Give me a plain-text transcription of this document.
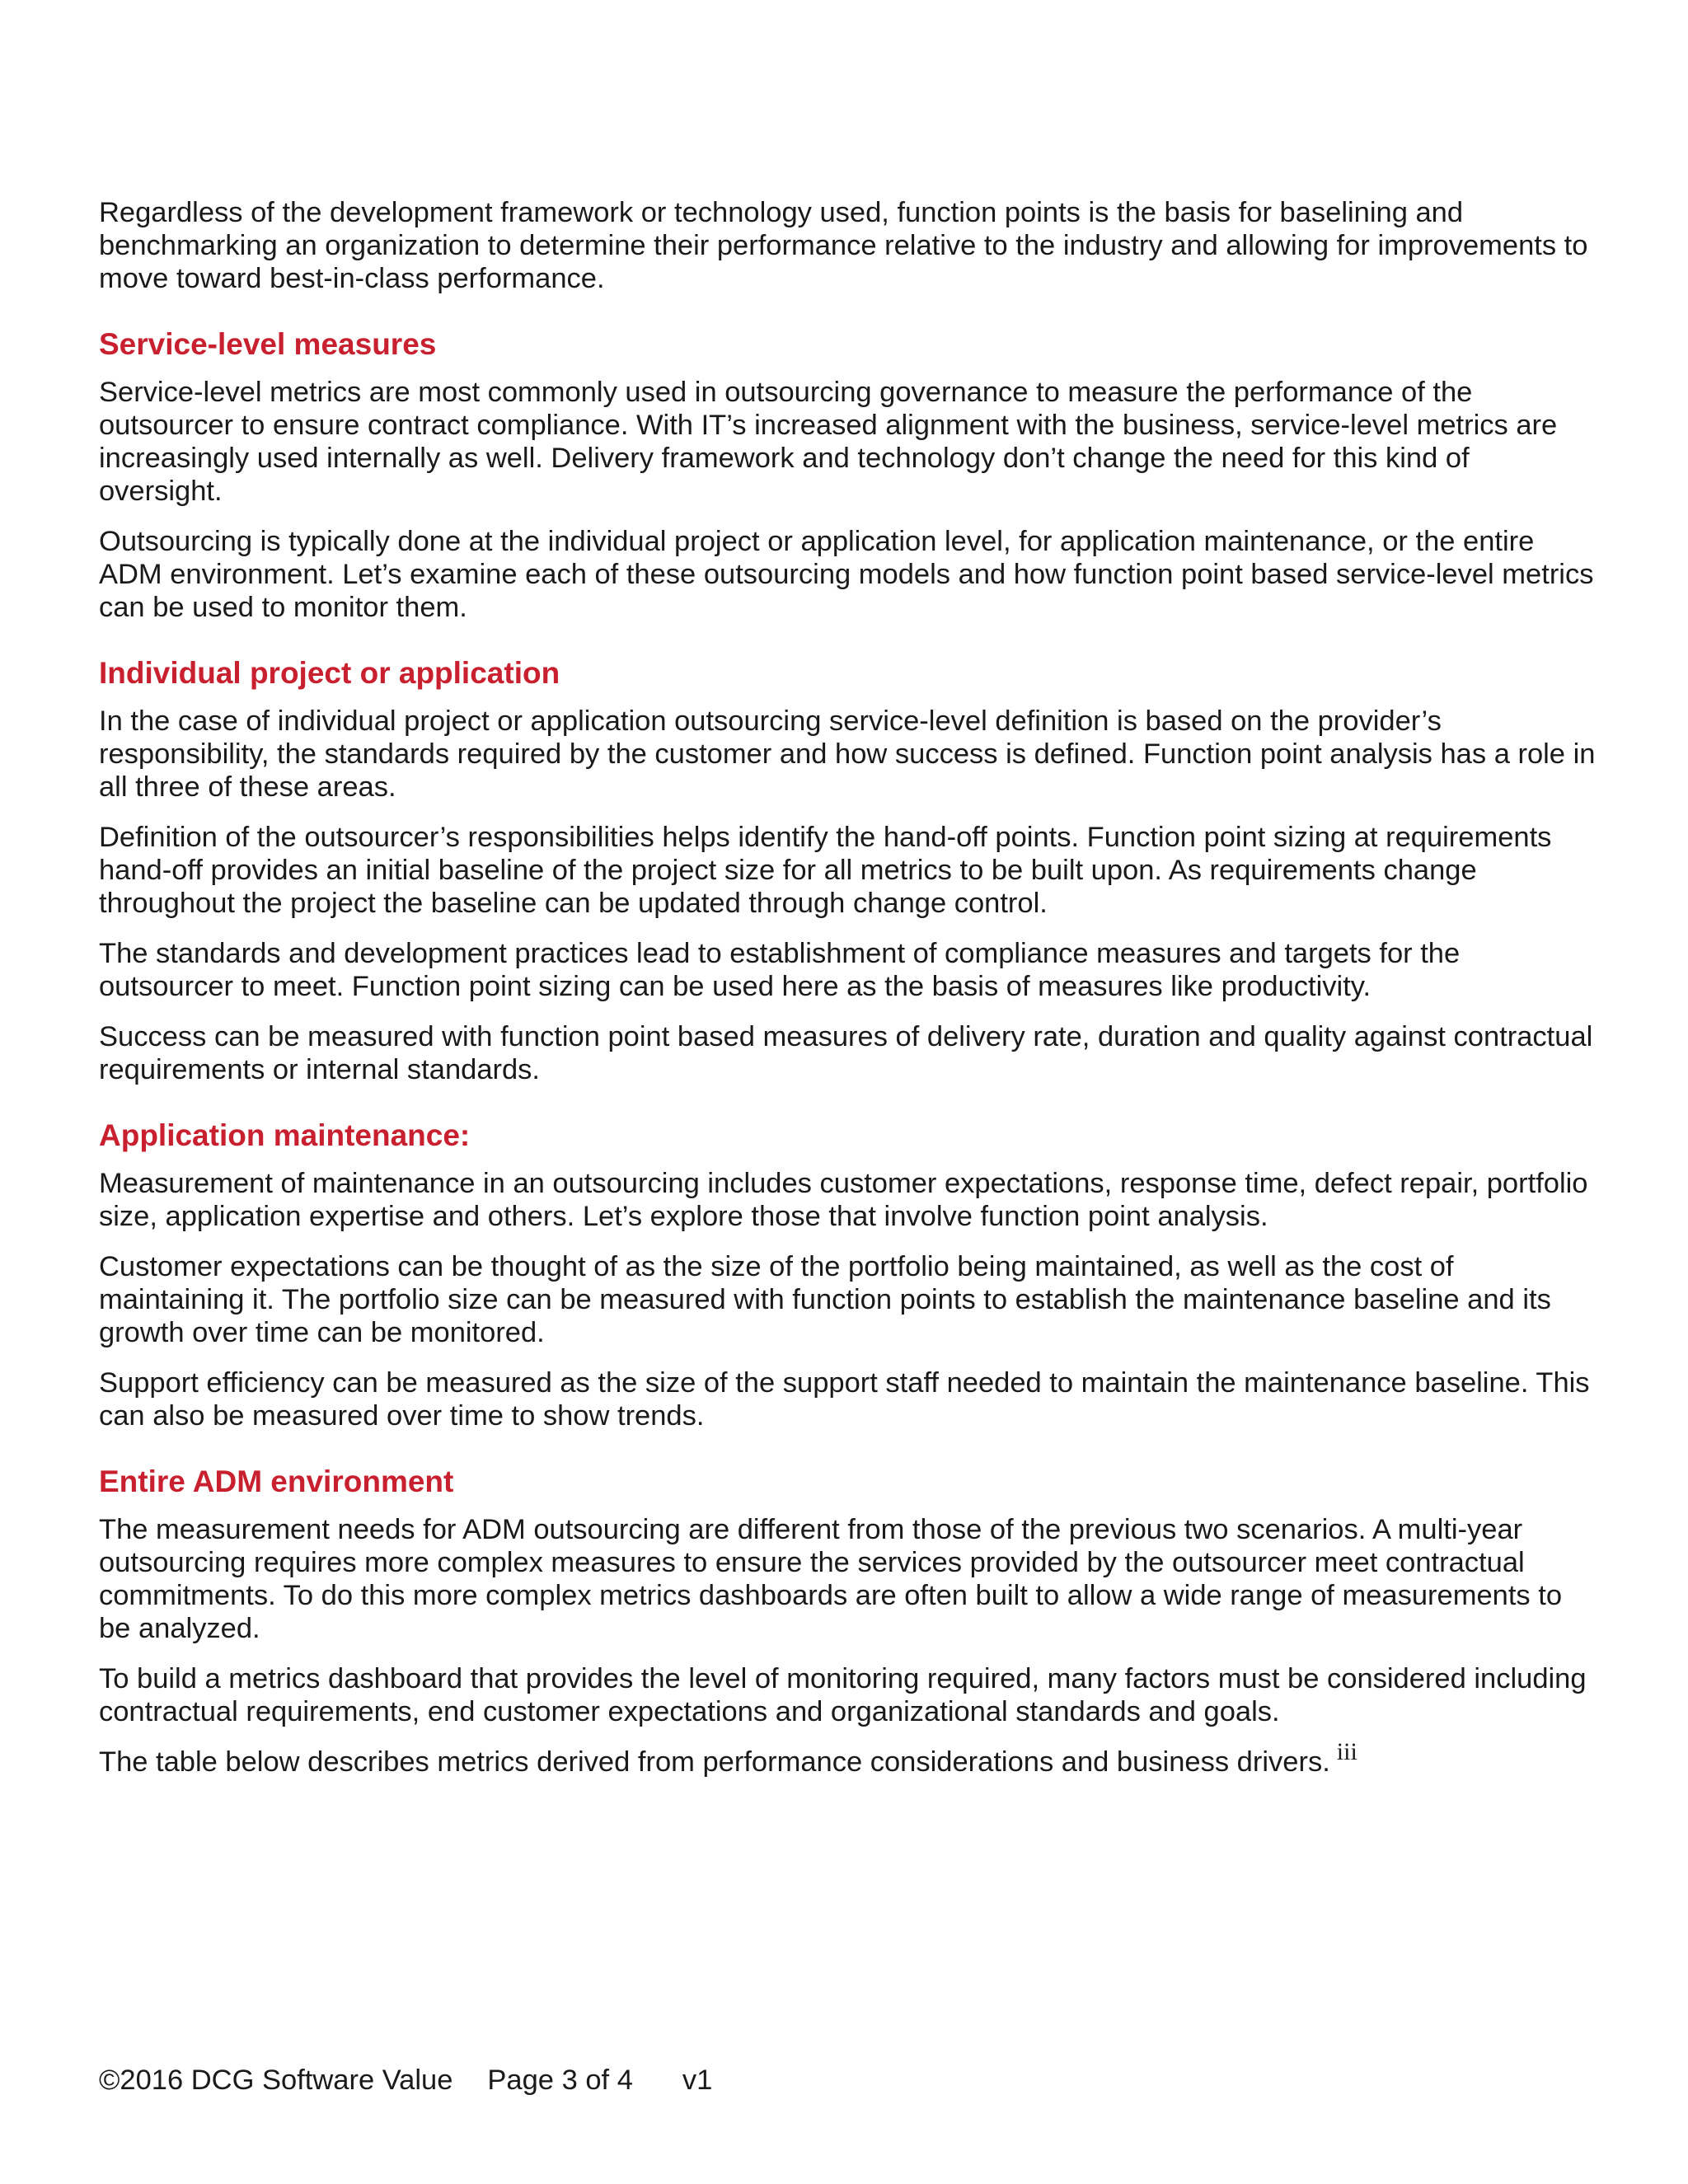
Regardless of the development framework or technology used, function points is the basis for baselining and benchmarking an organization to determine their performance relative to the industry and allowing for improvements to move toward best-in-class performance.

Service-level measures

Service-level metrics are most commonly used in outsourcing governance to measure the performance of the outsourcer to ensure contract compliance. With IT’s increased alignment with the business, service-level metrics are increasingly used internally as well. Delivery framework and technology don’t change the need for this kind of oversight.

Outsourcing is typically done at the individual project or application level, for application maintenance, or the entire ADM environment. Let’s examine each of these outsourcing models and how function point based service-level metrics can be used to monitor them.

Individual project or application

In the case of individual project or application outsourcing service-level definition is based on the provider’s responsibility, the standards required by the customer and how success is defined. Function point analysis has a role in all three of these areas.

Definition of the outsourcer’s responsibilities helps identify the hand-off points. Function point sizing at requirements hand-off provides an initial baseline of the project size for all metrics to be built upon. As requirements change throughout the project the baseline can be updated through change control.

The standards and development practices lead to establishment of compliance measures and targets for the outsourcer to meet. Function point sizing can be used here as the basis of measures like productivity.

Success can be measured with function point based measures of delivery rate, duration and quality against contractual requirements or internal standards.

Application maintenance:

Measurement of maintenance in an outsourcing includes customer expectations, response time, defect repair, portfolio size, application expertise and others. Let’s explore those that involve function point analysis.

Customer expectations can be thought of as the size of the portfolio being maintained, as well as the cost of maintaining it. The portfolio size can be measured with function points to establish the maintenance baseline and its growth over time can be monitored.

Support efficiency can be measured as the size of the support staff needed to maintain the maintenance baseline. This can also be measured over time to show trends.

Entire ADM environment

The measurement needs for ADM outsourcing are different from those of the previous two scenarios. A multi-year outsourcing requires more complex measures to ensure the services provided by the outsourcer meet contractual commitments. To do this more complex metrics dashboards are often built to allow a wide range of measurements to be analyzed.

To build a metrics dashboard that provides the level of monitoring required, many factors must be considered including contractual requirements, end customer expectations and organizational standards and goals.

The table below describes metrics derived from performance considerations and business drivers. $^{iii}$

©2016 DCG Software Value Page 3 of 4 v1
